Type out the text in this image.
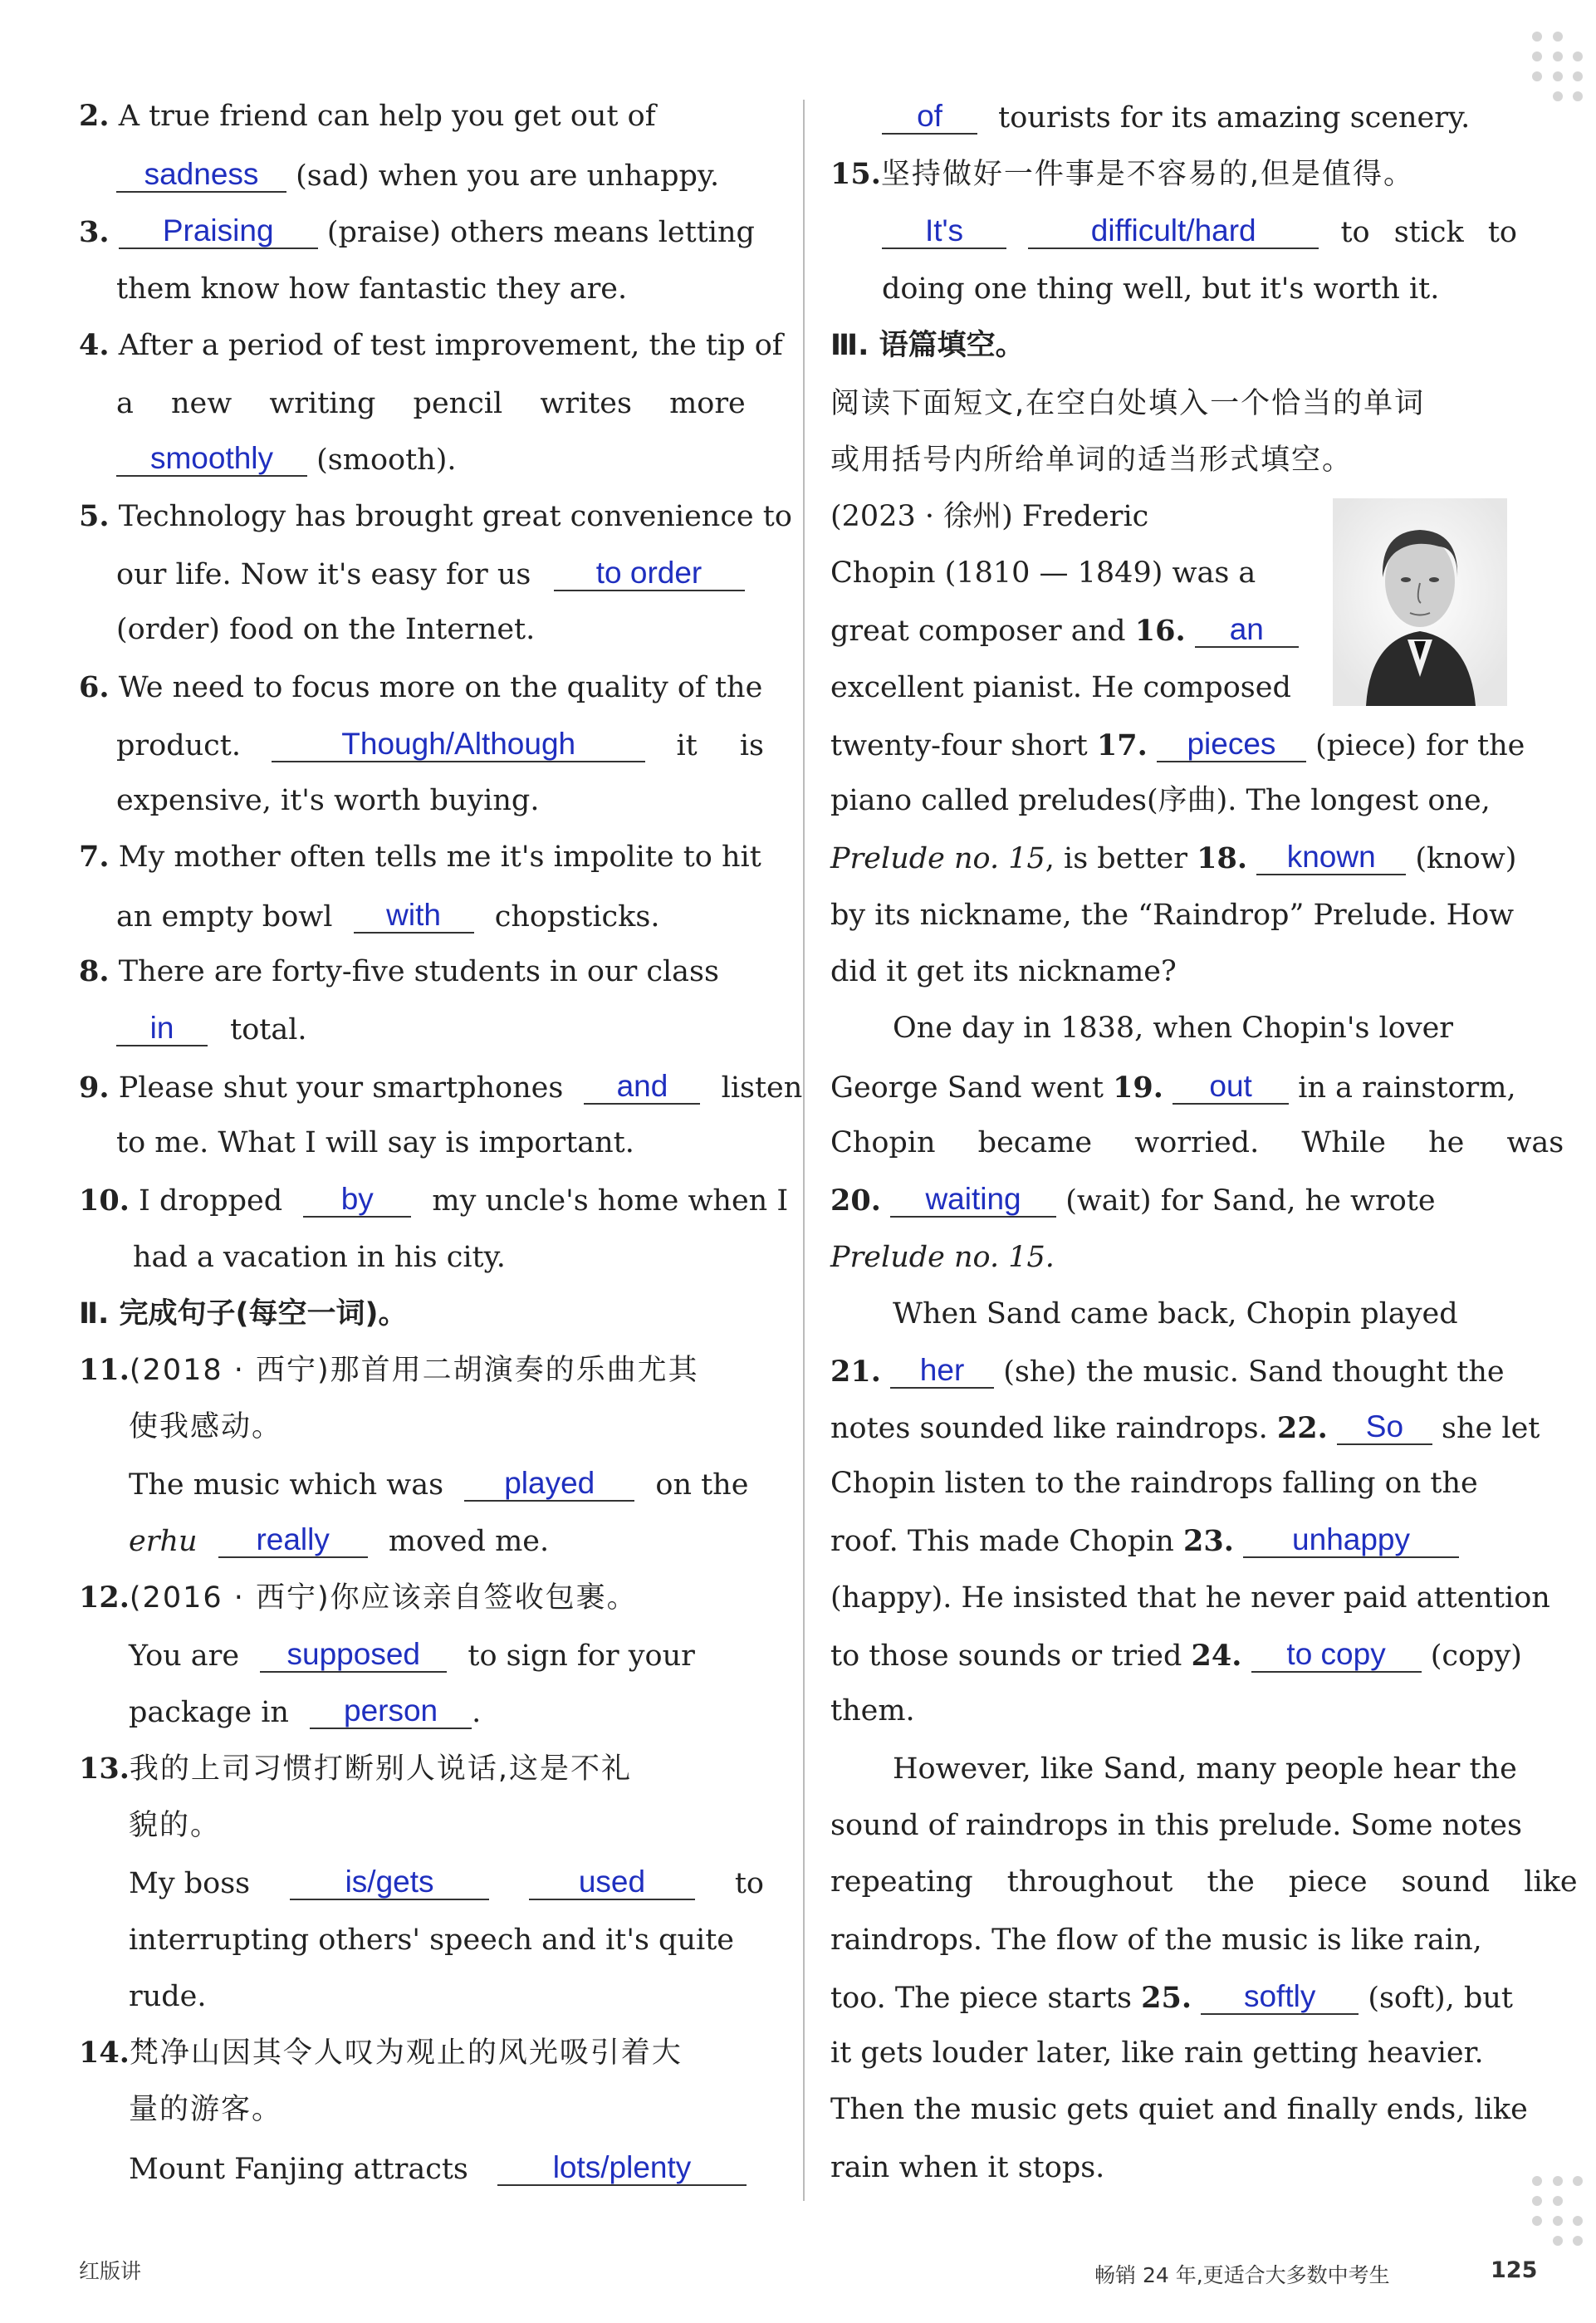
2. A true friend can help you get out of
sadness (sad) when you are unhappy.
3. Praising (praise) others means letting
them know how fantastic they are.
4. After a period of test improvement, the tip of
a new writing pencil writes more
smoothly (smooth).
5. Technology has brought great convenience to
our life. Now it's easy for us to order
(order) food on the Internet.
6. We need to focus more on the quality of the
product.	Though/Although	it is
expensive, it's worth buying.
7. My mother often tells me it's impolite to hit
an empty bowl with chopsticks.
8. There are forty-five students in our class
in total.
9. Please shut your smartphones and listen
to me. What I will say is important.
10. I dropped by my uncle's home when I
had a vacation in his city.
Ⅱ. 完成句子(每空一词)。
11.(2018 · 西宁)那首用二胡演奏的乐曲尤其
使我感动。
The music which was played on the
erhu really moved me.
12.(2016 · 西宁)你应该亲自签收包裹。
You are supposed to sign for your
package in person .
13.我的上司习惯打断别人说话,这是不礼
貌的。
My boss	is/gets	used	to
interrupting others' speech and it's quite
rude.
14.梵净山因其令人叹为观止的风光吸引着大
量的游客。
Mount Fanjing attracts	lots/plenty
of tourists for its amazing scenery.
15.坚持做好一件事是不容易的,但是值得。
It's	difficult/hard	to stick to
doing one thing well, but it's worth it.
Ⅲ. 语篇填空。
阅读下面短文,在空白处填入一个恰当的单词
或用括号内所给单词的适当形式填空。
(2023 · 徐州) Frederic
Chopin (1810 — 1849) was a
great composer and 16. an
excellent pianist. He composed
twenty-four short 17. pieces (piece) for the
piano called preludes(序曲). The longest one,
Prelude no. 15, is better 18. known (know)
by its nickname, the “Raindrop” Prelude. How
did it get its nickname?
One day in 1838, when Chopin's lover
George Sand went 19. out in a rainstorm,
Chopin became worried. While he was
20. waiting (wait) for Sand, he wrote
Prelude no. 15.
When Sand came back, Chopin played
21. her (she) the music. Sand thought the
notes sounded like raindrops. 22. So she let
Chopin listen to the raindrops falling on the
roof. This made Chopin 23. unhappy
(happy). He insisted that he never paid attention
to those sounds or tried 24. to copy (copy)
them.
However, like Sand, many people hear the
sound of raindrops in this prelude. Some notes
repeating throughout the piece sound like
raindrops. The flow of the music is like rain,
too. The piece starts 25. softly (soft), but
it gets louder later, like rain getting heavier.
Then the music gets quiet and finally ends, like
rain when it stops.
红版讲	畅销 24 年,更适合大多数中考生	125
